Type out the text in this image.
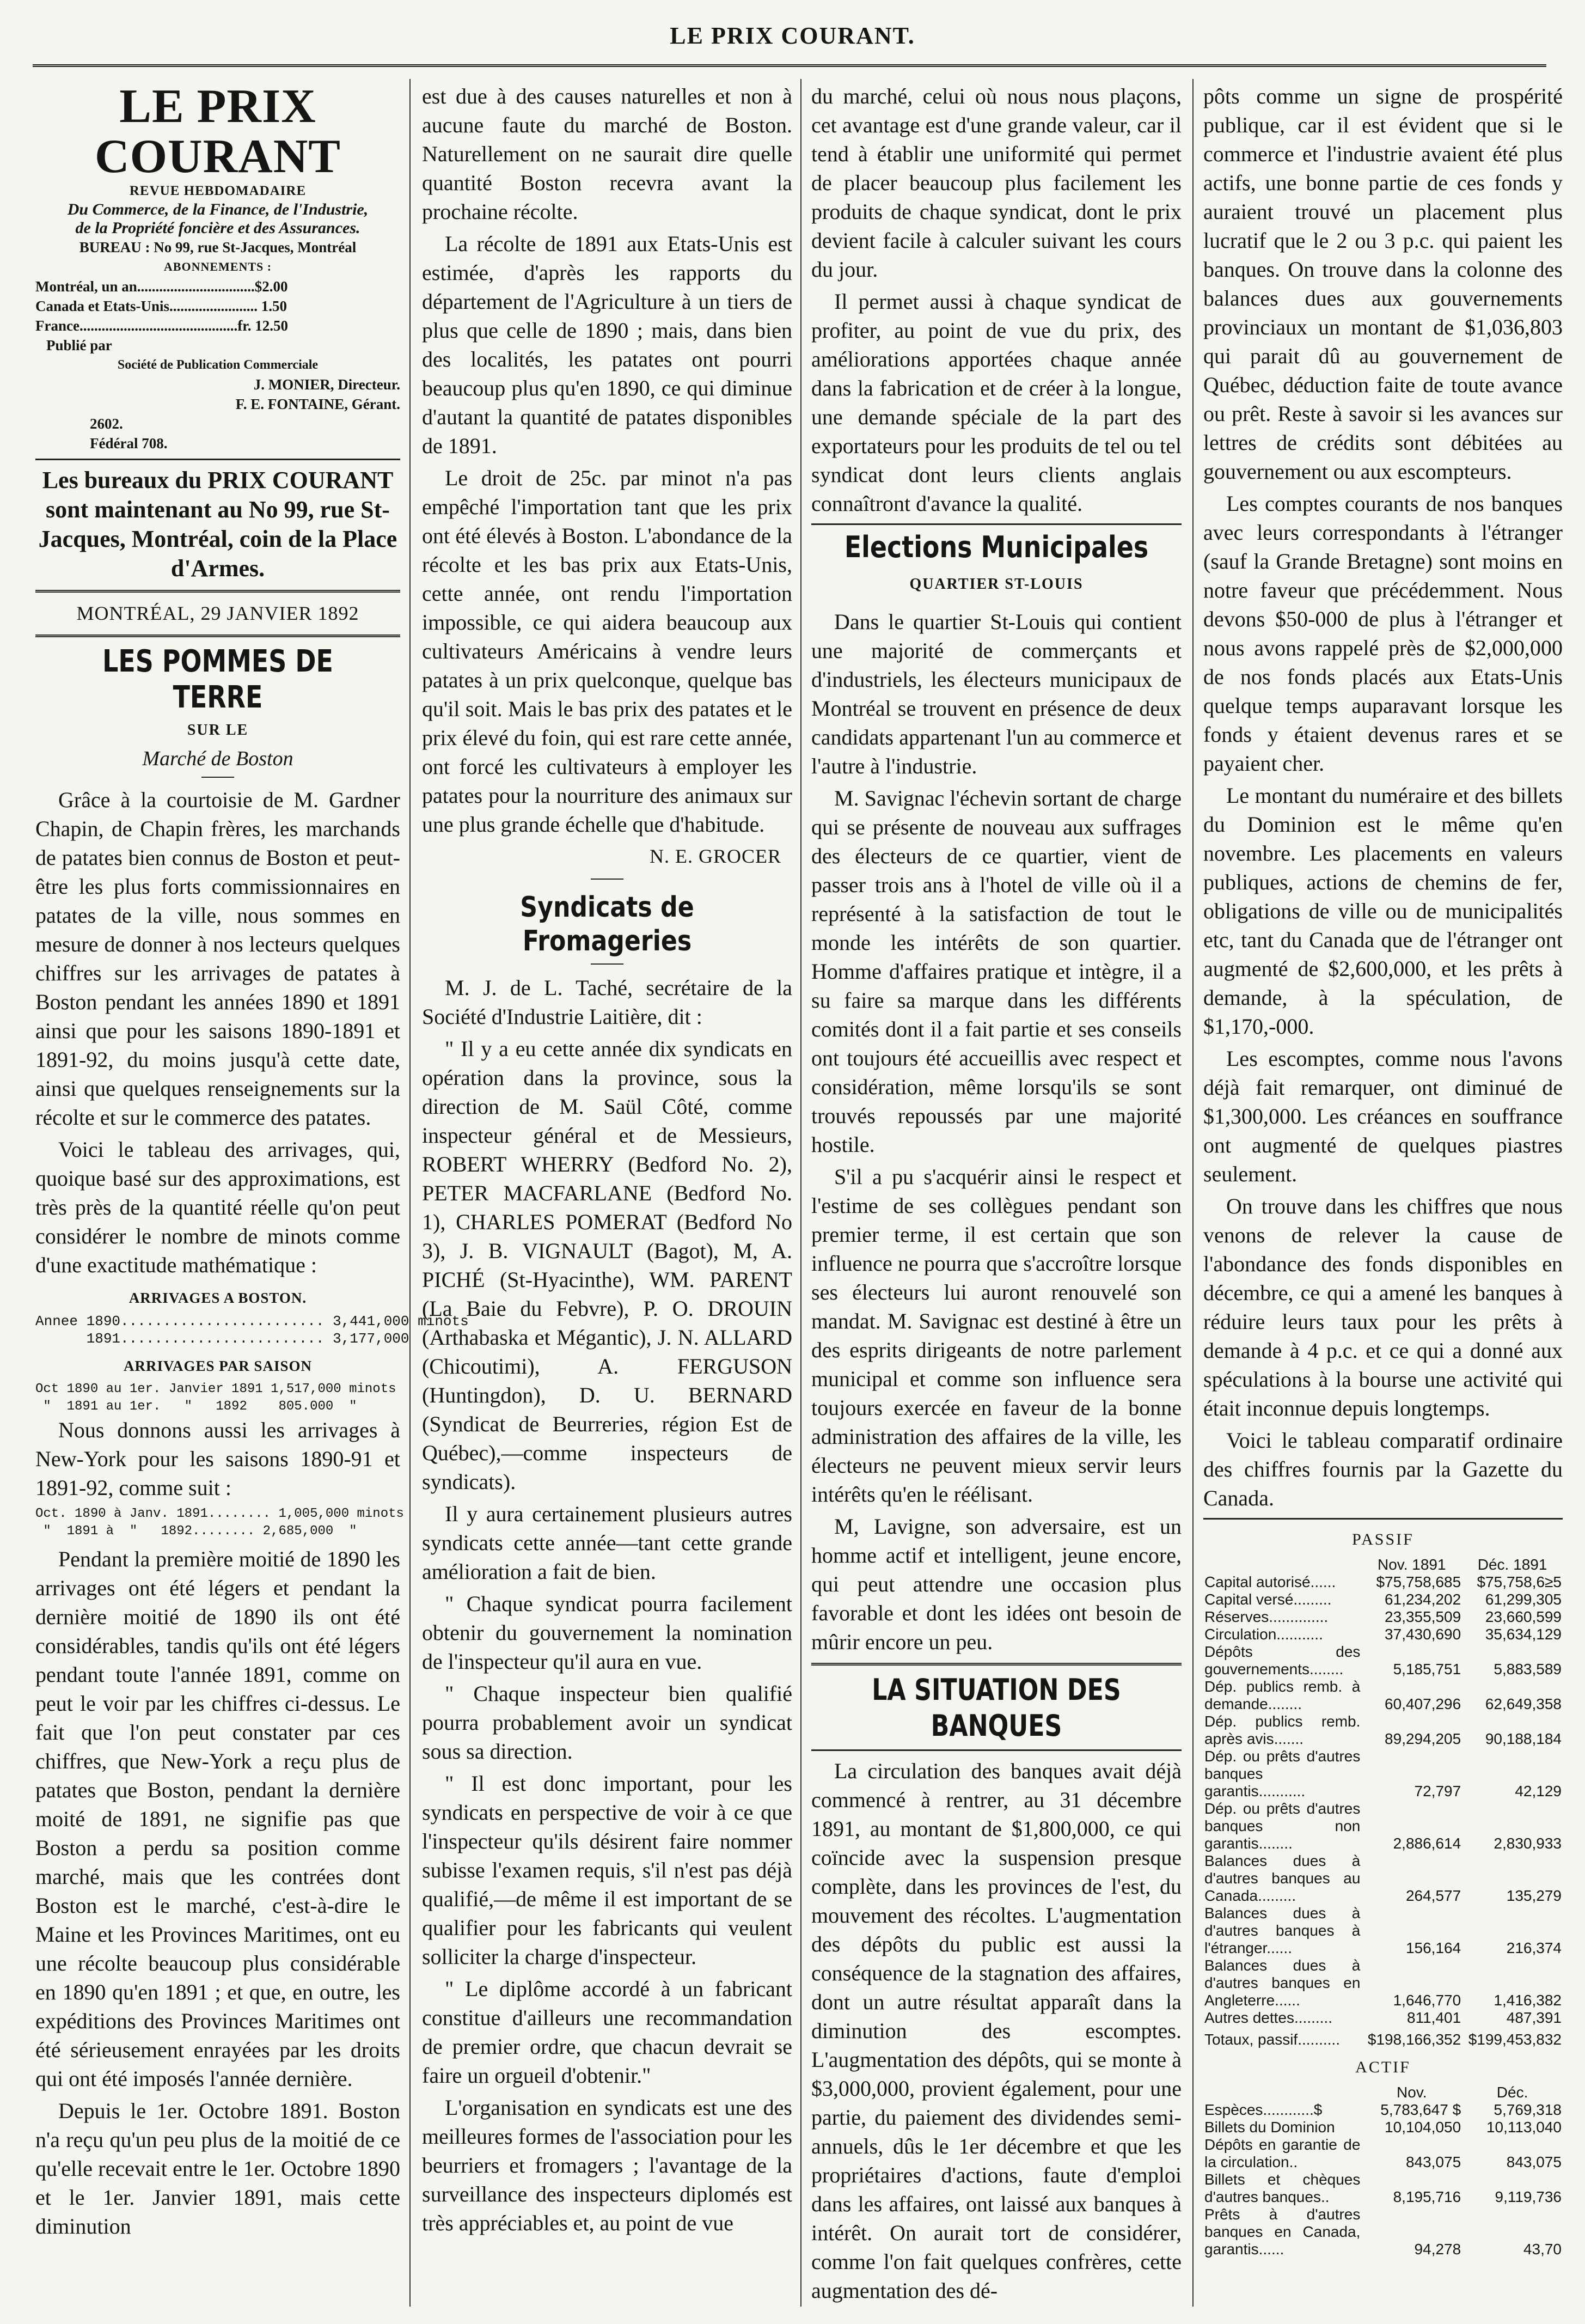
LE PRIX COURANT.
LE PRIX COURANT
REVUE HEBDOMADAIRE
Du Commerce, de la Finance, de l'Industrie,
de la Propriété foncière et des Assurances.
BUREAU : No 99, rue St-Jacques, Montréal
ABONNEMENTS :
Montréal, un an................................$2.00
Canada et Etats-Unis........................ 1.50
France...........................................fr. 12.50
Publié par
Société de Publication Commerciale
J. MONIER, Directeur.
F. E. FONTAINE, Gérant.
2602.
Fédéral 708.
Les bureaux du PRIX COURANT sont maintenant au No 99, rue St-Jacques, Montréal, coin de la Place d'Armes.
MONTRÉAL, 29 JANVIER 1892
LES POMMES DE TERRE
SUR LE
Marché de Boston

Grâce à la courtoisie de M. Gardner Chapin, de Chapin frères, les marchands de patates bien connus de Boston et peut-être les plus forts commissionnaires en patates de la ville, nous sommes en mesure de donner à nos lecteurs quelques chiffres sur les arrivages de patates à Boston pendant les années 1890 et 1891 ainsi que pour les saisons 1890-1891 et 1891-92, du moins jusqu'à cette date, ainsi que quelques renseignements sur la récolte et sur le commerce des patates.

Voici le tableau des arrivages, qui, quoique basé sur des approximations, est très près de la quantité réelle qu'on peut considérer le nombre de minots comme d'une exactitude mathématique :

ARRIVAGES A BOSTON.
Annee 1890........................ 3,441,000 minots
1891........................ 3,177,000
ARRIVAGES PAR SAISON
Oct 1890 au 1er. Janvier 1891 1,517,000 minots
"  1891 au 1er.   "   1892    805.000  "

Nous donnons aussi les arrivages à New-York pour les saisons 1890-91 et 1891-92, comme suit :

Oct. 1890 à Janv. 1891........ 1,005,000 minots
"  1891 à  "   1892........ 2,685,000  "

Pendant la première moitié de 1890 les arrivages ont été légers et pendant la dernière moitié de 1890 ils ont été considérables, tandis qu'ils ont été légers pendant toute l'année 1891, comme on peut le voir par les chiffres ci-dessus. Le fait que l'on peut constater par ces chiffres, que New-York a reçu plus de patates que Boston, pendant la dernière moité de 1891, ne signifie pas que Boston a perdu sa position comme marché, mais que les contrées dont Boston est le marché, c'est-à-dire le Maine et les Provinces Maritimes, ont eu une récolte beaucoup plus considérable en 1890 qu'en 1891 ; et que, en outre, les expéditions des Provinces Maritimes ont été sérieusement enrayées par les droits qui ont été imposés l'année dernière.

Depuis le 1er. Octobre 1891. Boston n'a reçu qu'un peu plus de la moitié de ce qu'elle recevait entre le 1er. Octobre 1890 et le 1er. Janvier 1891, mais cette diminution

est due à des causes naturelles et non à aucune faute du marché de Boston. Naturellement on ne saurait dire quelle quantité Boston recevra avant la prochaine récolte.

La récolte de 1891 aux Etats-Unis est estimée, d'après les rapports du département de l'Agriculture à un tiers de plus que celle de 1890 ; mais, dans bien des localités, les patates ont pourri beaucoup plus qu'en 1890, ce qui diminue d'autant la quantité de patates disponibles de 1891.

Le droit de 25c. par minot n'a pas empêché l'importation tant que les prix ont été élevés à Boston. L'abondance de la récolte et les bas prix aux Etats-Unis, cette année, ont rendu l'importation impossible, ce qui aidera beaucoup aux cultivateurs Américains à vendre leurs patates à un prix quelconque, quelque bas qu'il soit. Mais le bas prix des patates et le prix élevé du foin, qui est rare cette année, ont forcé les cultivateurs à employer les patates pour la nourriture des animaux sur une plus grande échelle que d'habitude.

N. E. GROCER
Syndicats de Fromageries

M. J. de L. Taché, secrétaire de la Société d'Industrie Laitière, dit :

" Il y a eu cette année dix syndicats en opération dans la province, sous la direction de M. Saül Côté, comme inspecteur général et de Messieurs, ROBERT WHERRY (Bedford No. 2), PETER MACFARLANE (Bedford No. 1), CHARLES POMERAT (Bedford No 3), J. B. VIGNAULT (Bagot), M, A. PICHÉ (St-Hyacinthe), WM. PARENT (La Baie du Febvre), P. O. DROUIN (Arthabaska et Mégantic), J. N. ALLARD (Chicoutimi), A. FERGUSON (Huntingdon), D. U. BERNARD (Syndicat de Beurreries, région Est de Québec),—comme inspecteurs de syndicats).

Il y aura certainement plusieurs autres syndicats cette année—tant cette grande amélioration a fait de bien.

" Chaque syndicat pourra facilement obtenir du gouvernement la nomination de l'inspecteur qu'il aura en vue.

" Chaque inspecteur bien qualifié pourra probablement avoir un syndicat sous sa direction.

" Il est donc important, pour les syndicats en perspective de voir à ce que l'inspecteur qu'ils désirent faire nommer subisse l'examen requis, s'il n'est pas déjà qualifié,—de même il est important de se qualifier pour les fabricants qui veulent solliciter la charge d'inspecteur.

" Le diplôme accordé à un fabricant constitue d'ailleurs une recommandation de premier ordre, que chacun devrait se faire un orgueil d'obtenir."

L'organisation en syndicats est une des meilleures formes de l'association pour les beurriers et fromagers ; l'avantage de la surveillance des inspecteurs diplomés est très appréciables et, au point de vue

du marché, celui où nous nous plaçons, cet avantage est d'une grande valeur, car il tend à établir une uniformité qui permet de placer beaucoup plus facilement les produits de chaque syndicat, dont le prix devient facile à calculer suivant les cours du jour.

Il permet aussi à chaque syndicat de profiter, au point de vue du prix, des améliorations apportées chaque année dans la fabrication et de créer à la longue, une demande spéciale de la part des exportateurs pour les produits de tel ou tel syndicat dont leurs clients anglais connaîtront d'avance la qualité.

Elections Municipales
QUARTIER ST-LOUIS

Dans le quartier St-Louis qui contient une majorité de commerçants et d'industriels, les électeurs municipaux de Montréal se trouvent en présence de deux candidats appartenant l'un au commerce et l'autre à l'industrie.

M. Savignac l'échevin sortant de charge qui se présente de nouveau aux suffrages des électeurs de ce quartier, vient de passer trois ans à l'hotel de ville où il a représenté à la satisfaction de tout le monde les intérêts de son quartier. Homme d'affaires pratique et intègre, il a su faire sa marque dans les différents comités dont il a fait partie et ses conseils ont toujours été accueillis avec respect et considération, même lorsqu'ils se sont trouvés repoussés par une majorité hostile.

S'il a pu s'acquérir ainsi le respect et l'estime de ses collègues pendant son premier terme, il est certain que son influence ne pourra que s'accroître lorsque ses électeurs lui auront renouvelé son mandat. M. Savignac est destiné à être un des esprits dirigeants de notre parlement municipal et comme son influence sera toujours exercée en faveur de la bonne administration des affaires de la ville, les électeurs ne peuvent mieux servir leurs intérêts qu'en le réélisant.

M, Lavigne, son adversaire, est un homme actif et intelligent, jeune encore, qui peut attendre une occasion plus favorable et dont les idées ont besoin de mûrir encore un peu.

LA SITUATION DES BANQUES

La circulation des banques avait déjà commencé à rentrer, au 31 décembre 1891, au montant de $1,800,000, ce qui coïncide avec la suspension presque complète, dans les provinces de l'est, du mouvement des récoltes. L'augmentation des dépôts du public est aussi la conséquence de la stagnation des affaires, dont un autre résultat apparaît dans la diminution des escomptes. L'augmentation des dépôts, qui se monte à $3,000,000, provient également, pour une partie, du paiement des dividendes semi-annuels, dûs le 1er décembre et que les propriétaires d'actions, faute d'emploi dans les affaires, ont laissé aux banques à intérêt. On aurait tort de considérer, comme l'on fait quelques confrères, cette augmentation des dé-

pôts comme un signe de prospérité publique, car il est évident que si le commerce et l'industrie avaient été plus actifs, une bonne partie de ces fonds y auraient trouvé un placement plus lucratif que le 2 ou 3 p.c. qui paient les banques. On trouve dans la colonne des balances dues aux gouvernements provinciaux un montant de $1,036,803 qui parait dû au gouvernement de Québec, déduction faite de toute avance ou prêt. Reste à savoir si les avances sur lettres de crédits sont débitées au gouvernement ou aux escompteurs.

Les comptes courants de nos banques avec leurs correspondants à l'étranger (sauf la Grande Bretagne) sont moins en notre faveur que précédemment. Nous devons $50-000 de plus à l'étranger et nous avons rappelé près de $2,000,000 de nos fonds placés aux Etats-Unis quelque temps auparavant lorsque les fonds y étaient devenus rares et se payaient cher.

Le montant du numéraire et des billets du Dominion est le même qu'en novembre. Les placements en valeurs publiques, actions de chemins de fer, obligations de ville ou de municipalités etc, tant du Canada que de l'étranger ont augmenté de $2,600,000, et les prêts à demande, à la spéculation, de $1,170,-000.

Les escomptes, comme nous l'avons déjà fait remarquer, ont diminué de $1,300,000. Les créances en souffrance ont augmenté de quelques piastres seulement.

On trouve dans les chiffres que nous venons de relever la cause de l'abondance des fonds disponibles en décembre, ce qui a amené les banques à réduire leurs taux pour les prêts à demande à 4 p.c. et ce qui a donné aux spéculations à la bourse une activité qui était inconnue depuis longtemps.

Voici le tableau comparatif ordinaire des chiffres fournis par la Gazette du Canada.

PASSIF
	Nov. 1891	Déc. 1891
Capital autorisé......	$75,758,685	$75,758,6≥5
Capital versé.........	61,234,202	61,299,305
Réserves..............	23,355,509	23,660,599
Circulation...........	37,430,690	35,634,129
Dépôts des gouvernements........	5,185,751	5,883,589
Dép. publics remb. à demande........	60,407,296	62,649,358
Dép. publics remb. après avis.......	89,294,205	90,188,184
Dép. ou prêts d'autres banques garantis...........	72,797	42,129
Dép. ou prêts d'autres banques non garantis........	2,886,614	2,830,933
Balances dues à d'autres banques au Canada.........	264,577	135,279
Balances dues à d'autres banques à l'étranger......	156,164	216,374
Balances dues à d'autres banques en Angleterre......	1,646,770	1,416,382
Autres dettes.........	811,401	487,391
Totaux, passif..........	$198,166,352	$199,453,832
ACTIF
	Nov.	Déc.
Espèces............$	5,783,647 $	5,769,318
Billets du Dominion	10,104,050	10,113,040
Dépôts en garantie de la circulation..	843,075	843,075
Billets et chèques d'autres banques..	8,195,716	9,119,736
Prêts à d'autres banques en Canada, garantis......	94,278	43,70
